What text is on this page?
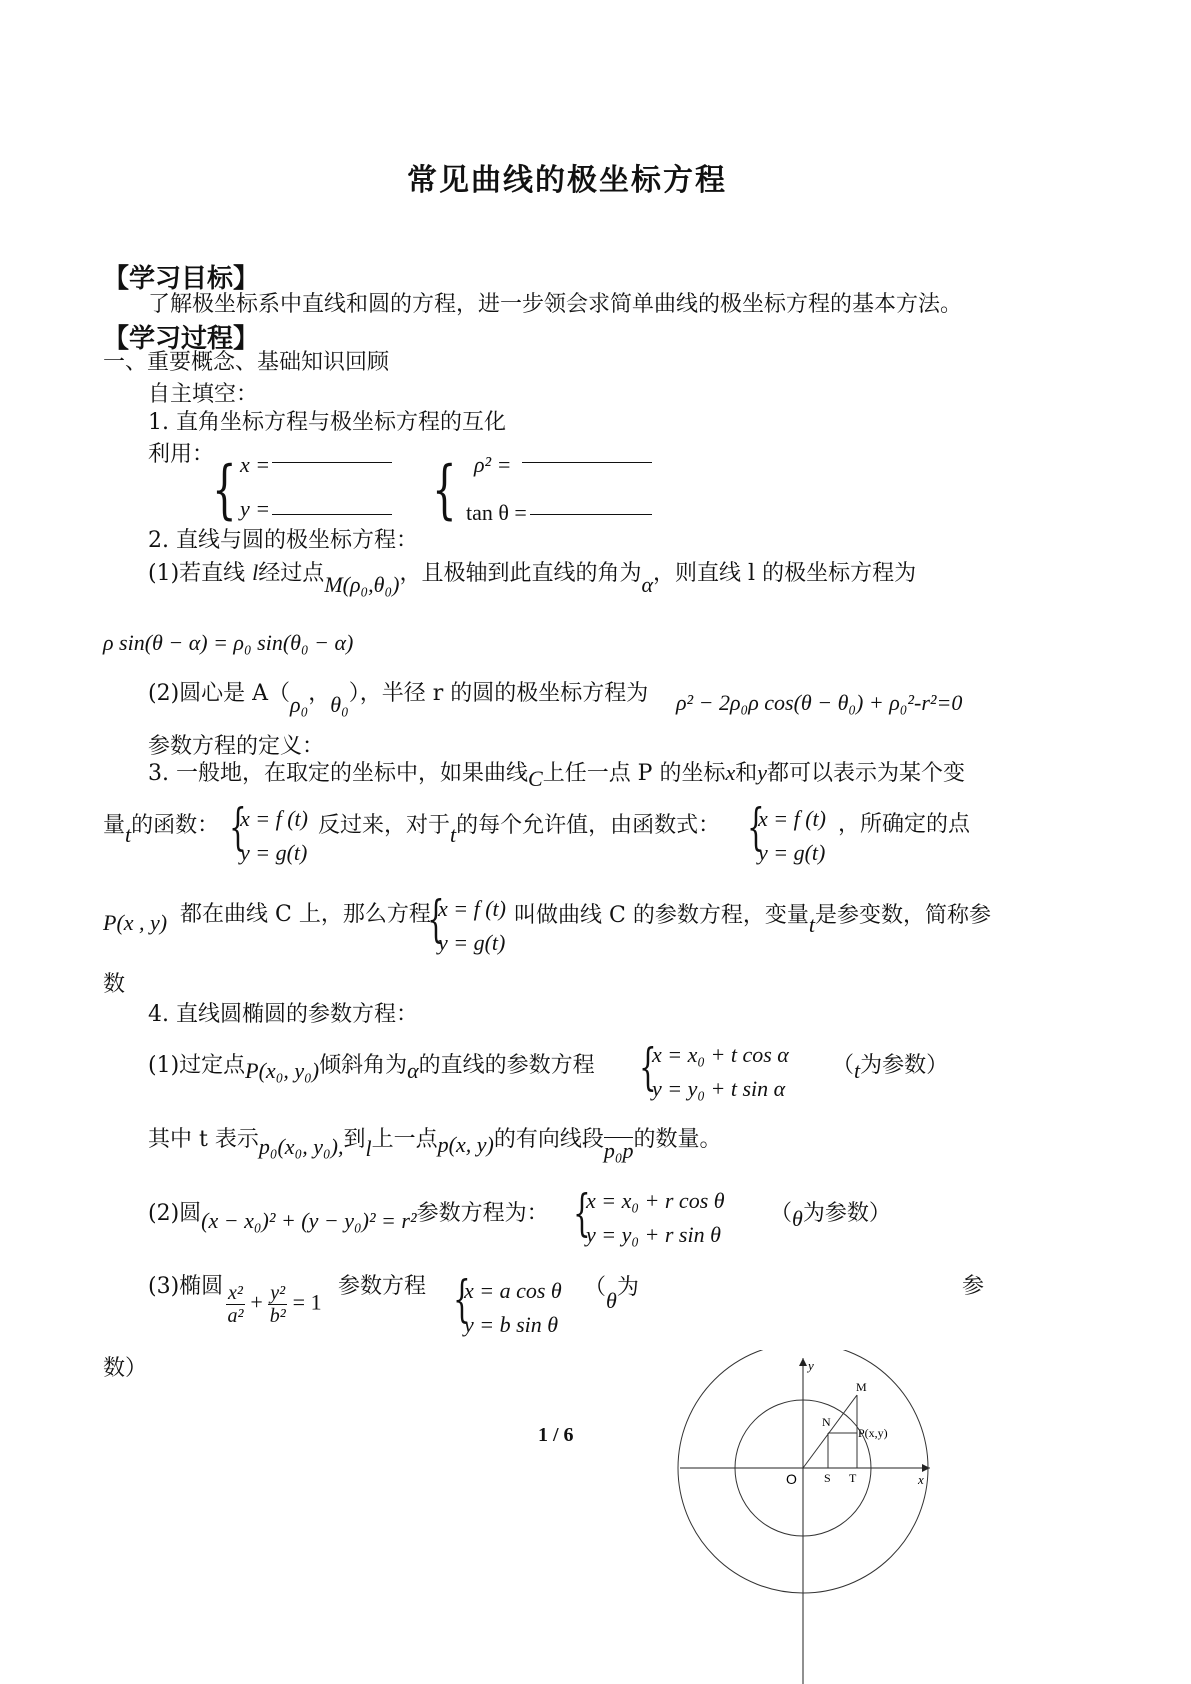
常见曲线的极坐标方程
【学习目标】
了解极坐标系中直线和圆的方程，进一步领会求简单曲线的极坐标方程的基本方法。
【学习过程】
一、重要概念、基础知识回顾
自主填空：
1. 直角坐标方程与极坐标方程的互化
利用：
{ x =
y =	{ ρ² =
tan θ =
2. 直线与圆的极坐标方程：
(1)若直线 l经过点M(ρ₀,θ₀)，且极轴到此直线的角为α，则直线 l 的极坐标方程为
ρ sin(θ − α) = ρ₀ sin(θ₀ − α)
(2)圆心是 A（ρ₀，θ₀），半径 r 的圆的极坐标方程为 ρ² − 2ρ₀ρ cos(θ − θ₀) + ρ₀²-r²=0
参数方程的定义：
3. 一般地，在取定的坐标中，如果曲线C上任一点 P 的坐标x和y都可以表示为某个变
量t的函数： {
x = f (t)
y = g(t)
反过来，对于t的每个允许值，由函数式： {
x = f (t)
y = g(t)
，所确定的点
P(x , y) 都在曲线 C 上，那么方程
{
x = f (t)
y = g(t)
叫做曲线 C 的参数方程，变量t是参变数，简称参
数
4. 直线圆椭圆的参数方程：
(1)过定点P(x₀, y₀)倾斜角为α的直线的参数方程 {
x = x₀ + t cos α
y = y₀ + t sin α
（t为参数）
其中 t 表示p₀(x₀, y₀),到l上一点p(x, y)的有向线段p₀p的数量。
(2)圆(x − x₀)² + (y − y₀)² = r²参数方程为： {
x = x₀ + r cos θ
y = y₀ + r sin θ
（θ为参数）
(3)椭圆 $\frac{\text{x²}}{\text{a²}} + \frac{\text{y²}}{\text{b²}} = 1$
参数方程 {
x = a cos θ
y = b sin θ
（θ为	参
数）
1 / 6
y
x
O S T
N
M
P(x,y)
